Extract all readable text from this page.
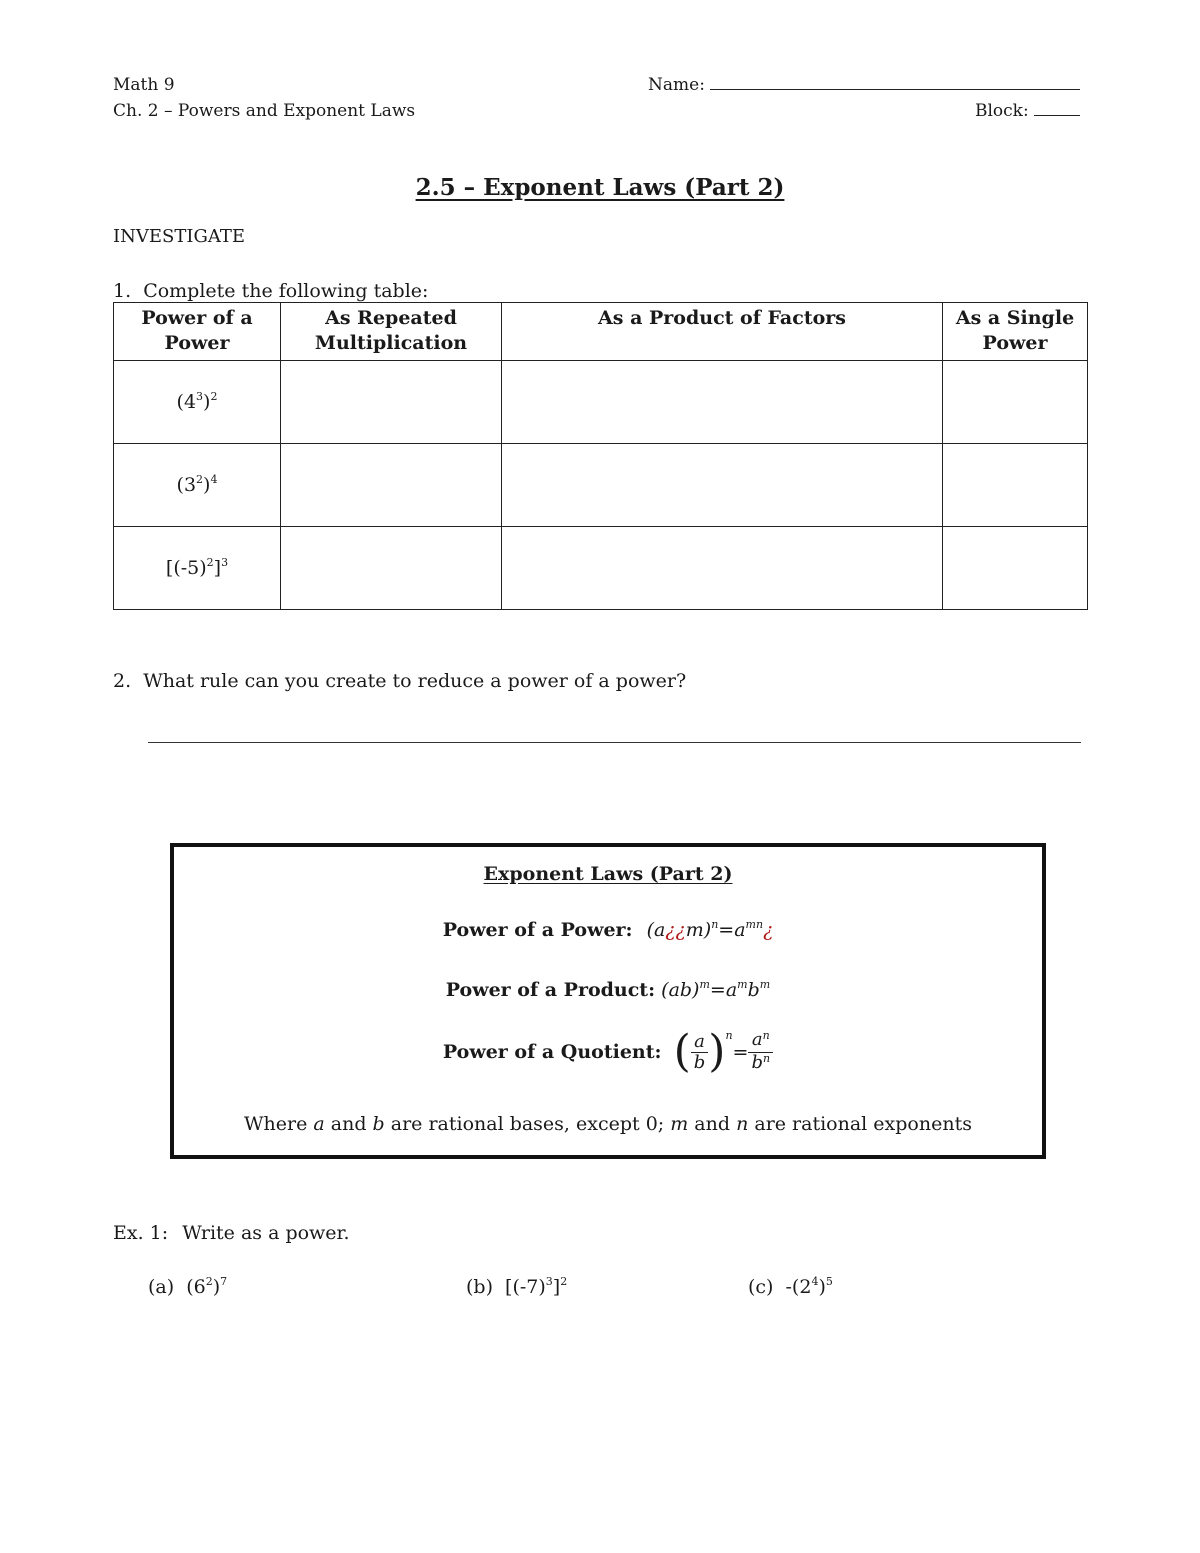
Math 9
Ch. 2 – Powers and Exponent Laws
Name:
Block:
2.5 – Exponent Laws (Part 2)
INVESTIGATE
1. Complete the following table:
Power of a Power	As Repeated Multiplication	As a Product of Factors	As a Single Power
$(4^3)^2$			
$(3^2)^4$			
$[(-5)^2]^3$			
2. What rule can you create to reduce a power of a power?
Exponent Laws (Part 2)
Power of a Power: $(a¿¿m)^n=a^{mn}¿$
Power of a Product: $(ab)^m=a^mb^m$
Power of a Quotient: ( $\frac{a}{b} )^n= \frac{a^n}{b^n}$
Where a and b are rational bases, except 0; m and n are rational exponents
Ex. 1: Write as a power.
(a) $(6^2)^7$	(b) $[(-7)^3]^2$	(c) $-(2^4)^5$
